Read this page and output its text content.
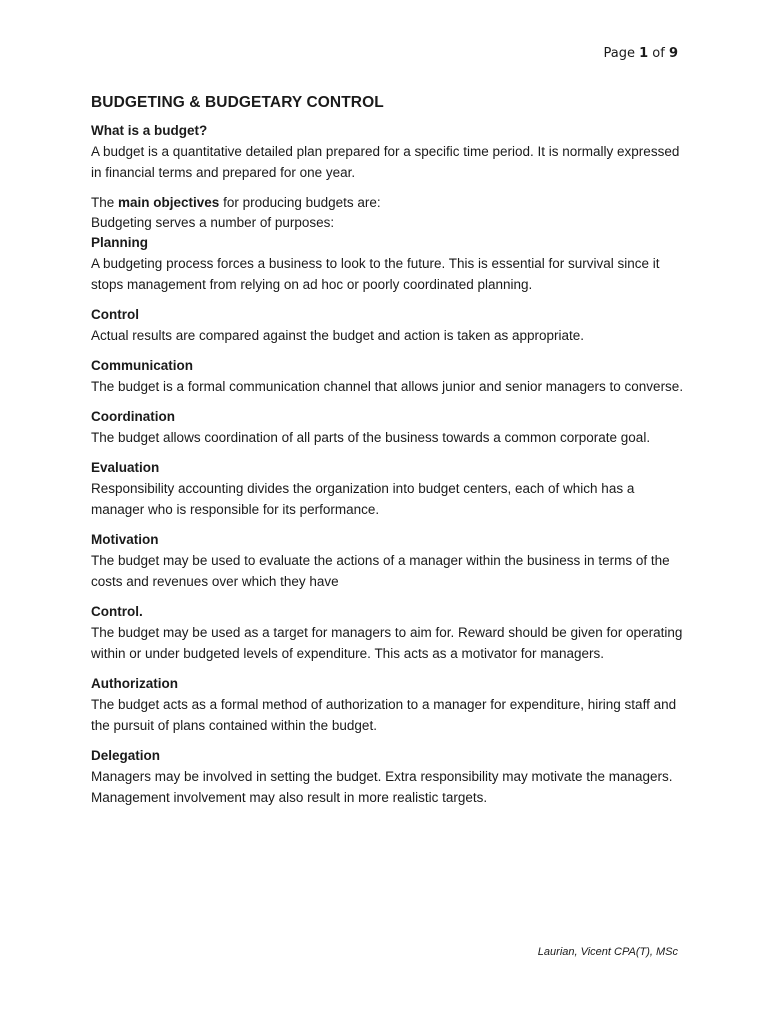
Page 1 of 9
BUDGETING & BUDGETARY CONTROL

What is a budget?

A budget is a quantitative detailed plan prepared for a specific time period. It is normally expressed in financial terms and prepared for one year.

The main objectives for producing budgets are:

Budgeting serves a number of purposes:

Planning

A budgeting process forces a business to look to the future. This is essential for survival since it stops management from relying on ad hoc or poorly coordinated planning.

Control

Actual results are compared against the budget and action is taken as appropriate.

Communication

The budget is a formal communication channel that allows junior and senior managers to converse.

Coordination

The budget allows coordination of all parts of the business towards a common corporate goal.

Evaluation

Responsibility accounting divides the organization into budget centers, each of which has a manager who is responsible for its performance.

Motivation

The budget may be used to evaluate the actions of a manager within the business in terms of the costs and revenues over which they have

Control.

The budget may be used as a target for managers to aim for. Reward should be given for operating within or under budgeted levels of expenditure. This acts as a motivator for managers.

Authorization

The budget acts as a formal method of authorization to a manager for expenditure, hiring staff and the pursuit of plans contained within the budget.

Delegation

Managers may be involved in setting the budget. Extra responsibility may motivate the managers. Management involvement may also result in more realistic targets.

Laurian, Vicent CPA(T), MSc
